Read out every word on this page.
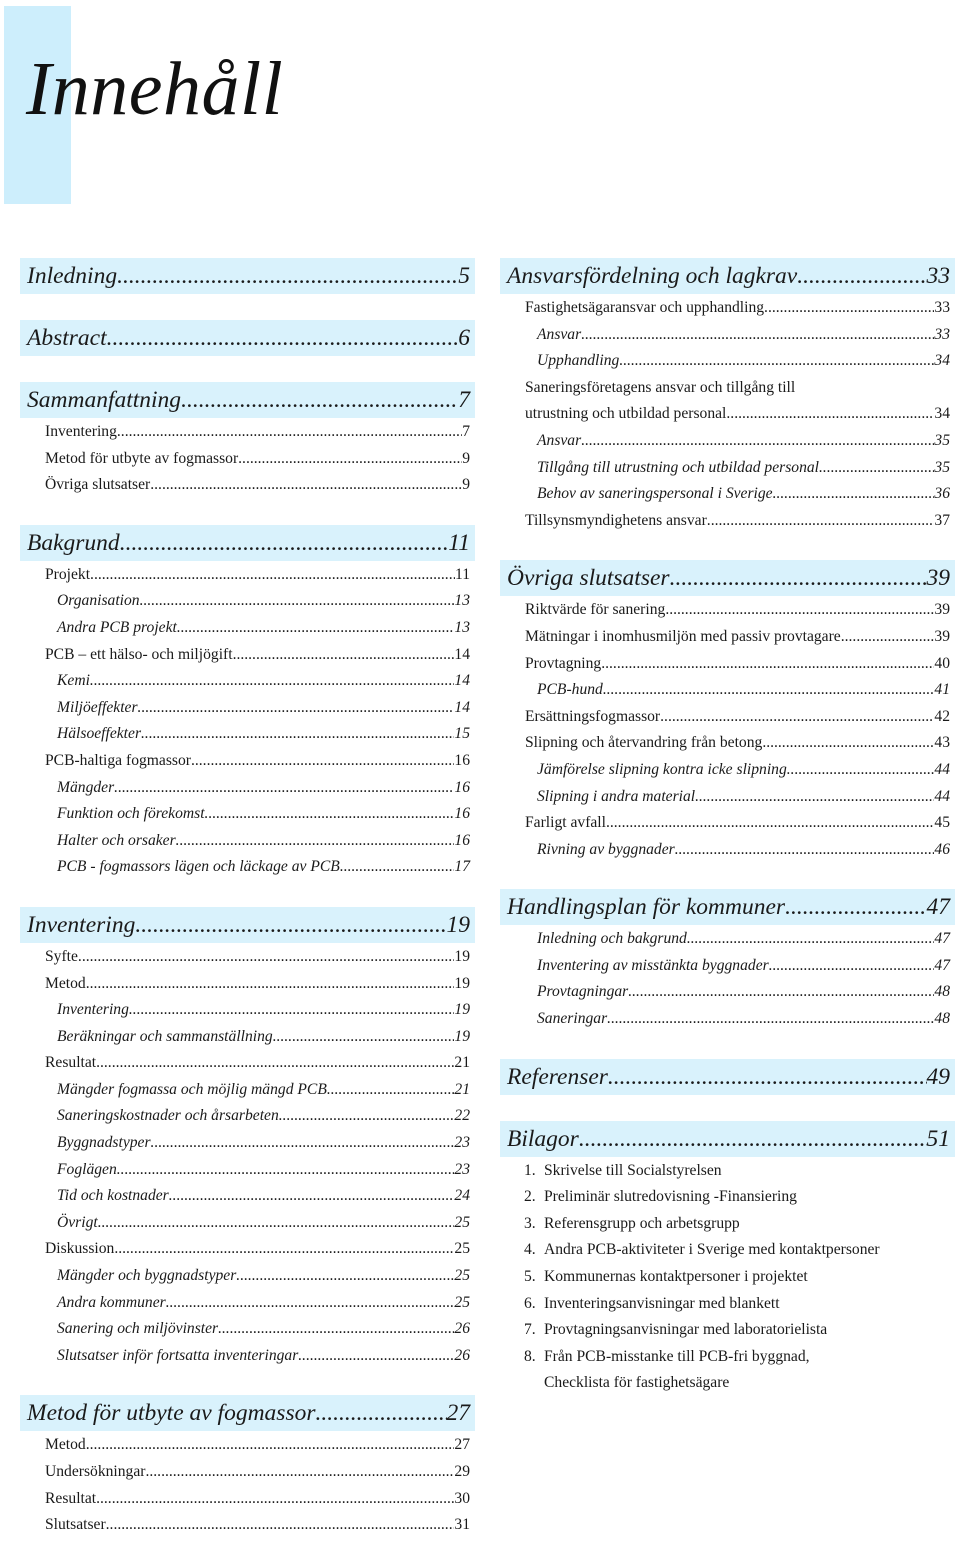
Innehåll
Inledning .....	5
Abstract .....	6
Sammanfattning .....	7
Inventering .....	7
Metod för utbyte av fogmassor .....	9
Övriga slutsatser .....	9
Bakgrund .....	11
Projekt .....	11
Organisation .....	13
Andra PCB projekt .....	13
PCB – ett hälso- och miljögift .....	14
Kemi .....	14
Miljöeffekter .....	14
Hälsoeffekter .....	15
PCB-haltiga fogmassor .....	16
Mängder .....	16
Funktion och förekomst .....	16
Halter och orsaker .....	16
PCB - fogmassors lägen och läckage av PCB .....	17
Inventering .....	19
Syfte .....	19
Metod .....	19
Inventering .....	19
Beräkningar och sammanställning .....	19
Resultat .....	21
Mängder fogmassa och möjlig mängd PCB .....	21
Saneringskostnader och årsarbeten .....	22
Byggnadstyper .....	23
Foglägen .....	23
Tid och kostnader .....	24
Övrigt .....	25
Diskussion .....	25
Mängder och byggnadstyper .....	25
Andra kommuner .....	25
Sanering och miljövinster .....	26
Slutsatser inför fortsatta inventeringar .....	26
Metod för utbyte av fogmassor .....	27
Metod .....	27
Undersökningar .....	29
Resultat .....	30
Slutsatser .....	31
Ansvarsfördelning och lagkrav .....	33
Fastighetsägaransvar och upphandling .....	33
Ansvar .....	33
Upphandling .....	34
Saneringsföretagens ansvar och tillgång till
utrustning och utbildad personal .....	34
Ansvar .....	35
Tillgång till utrustning och utbildad personal .....	35
Behov av saneringspersonal i Sverige .....	36
Tillsynsmyndighetens ansvar .....	37
Övriga slutsatser .....	39
Riktvärde för sanering .....	39
Mätningar i inomhusmiljön med passiv provtagare .....	39
Provtagning .....	40
PCB-hund .....	41
Ersättningsfogmassor .....	42
Slipning och återvandring från betong .....	43
Jämförelse slipning kontra icke slipning .....	44
Slipning i andra material .....	44
Farligt avfall .....	45
Rivning av byggnader .....	46
Handlingsplan för kommuner .....	47
Inledning och bakgrund .....	47
Inventering av misstänkta byggnader .....	47
Provtagningar .....	48
Saneringar .....	48
Referenser .....	49
Bilagor .....	51
1. Skrivelse till Socialstyrelsen
2. Preliminär slutredovisning -Finansiering
3. Referensgrupp och arbetsgrupp
4. Andra PCB-aktiviteter i Sverige med kontaktpersoner
5. Kommunernas kontaktpersoner i projektet
6. Inventeringsanvisningar med blankett
7. Provtagningsanvisningar med laboratorielista
8. Från PCB-misstanke till PCB-fri byggnad,
Checklista för fastighetsägare
